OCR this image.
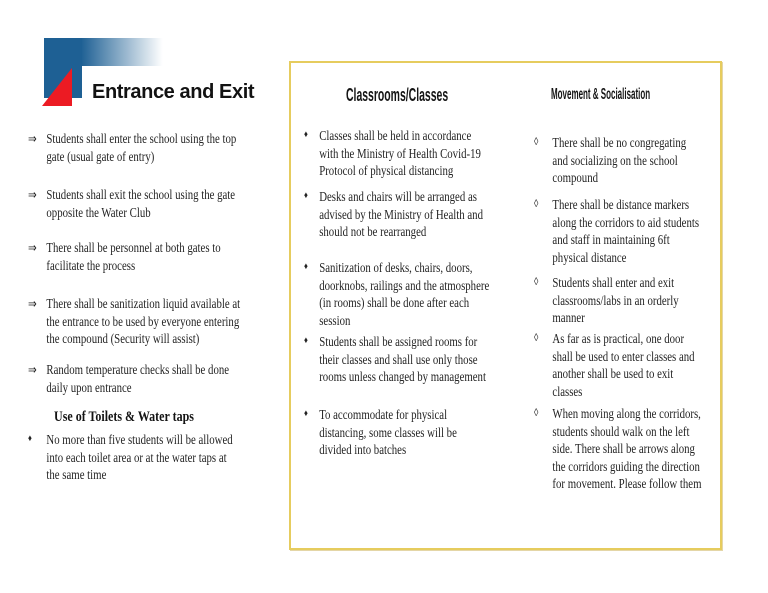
Entrance and Exit	Classrooms/Classes	Movement & Socialisation
⇒ Students shall enter the school using the top gate (usual gate of entry)
⇒ Students shall exit the school using the gate opposite the Water Club
⇒ There shall be personnel at both gates to facilitate the process
⇒ There shall be sanitization liquid available at the entrance to be used by everyone entering the compound (Security will assist)
⇒ Random temperature checks shall be done daily upon entrance
Use of Toilets & Water taps
♦	No more than five students will be allowed into each toilet area or at the water taps at the same time
♦ Classes shall be held in accordance with the Ministry of Health Covid-19 Protocol of physical distancing
♦ Desks and chairs will be arranged as advised by the Ministry of Health and should not be rearranged
♦ Sanitization of desks, chairs, doors, doorknobs, railings and the atmosphere (in rooms) shall be done after each session
♦ Students shall be assigned rooms for their classes and shall use only those rooms unless changed by management
♦ To accommodate for physical distancing, some classes will be divided into batches
◊	There shall be no congregating and socializing on the school compound
◊	There shall be distance markers along the corridors to aid students and staff in maintaining 6ft physical distance
◊	Students shall enter and exit classrooms/labs in an orderly manner
◊	As far as is practical, one door shall be used to enter classes and another shall be used to exit classes
◊	When moving along the corridors, students should walk on the left side. There shall be arrows along the corridors guiding the direction for movement. Please follow them
